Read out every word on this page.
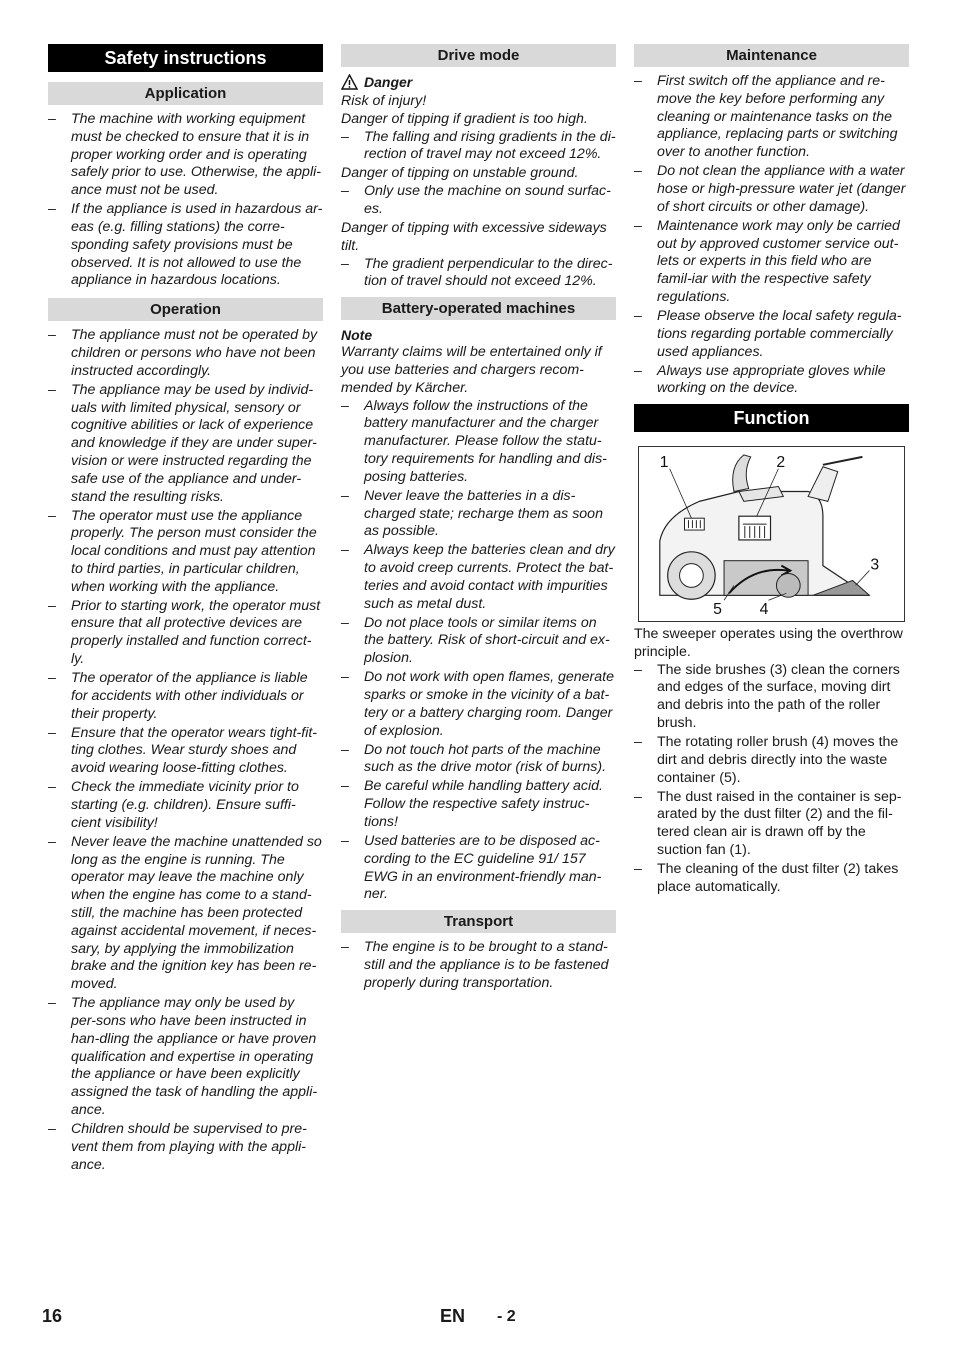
Safety instructions
Application
– The machine with working equipment must be checked to ensure that it is in proper working order and is operating safely prior to use. Otherwise, the appli-ance must not be used.
– If the appliance is used in hazardous ar-eas (e.g. filling stations) the corre-sponding safety provisions must be observed. It is not allowed to use the appliance in hazardous locations.
Operation
– The appliance must not be operated by children or persons who have not been instructed accordingly.
– The appliance may be used by individ-uals with limited physical, sensory or cognitive abilities or lack of experience and knowledge if they are under super-vision or were instructed regarding the safe use of the appliance and under-stand the resulting risks.
– The operator must use the appliance properly. The person must consider the local conditions and must pay attention to third parties, in particular children, when working with the appliance.
– Prior to starting work, the operator must ensure that all protective devices are properly installed and function correct-ly.
– The operator of the appliance is liable for accidents with other individuals or their property.
– Ensure that the operator wears tight-fit-ting clothes. Wear sturdy shoes and avoid wearing loose-fitting clothes.
– Check the immediate vicinity prior to starting (e.g. children). Ensure suffi-cient visibility!
– Never leave the machine unattended so long as the engine is running. The operator may leave the machine only when the engine has come to a stand-still, the machine has been protected against accidental movement, if neces-sary, by applying the immobilization brake and the ignition key has been re-moved.
– The appliance may only be used by per-sons who have been instructed in han-dling the appliance or have proven qualification and expertise in operating the appliance or have been explicitly assigned the task of handling the appli-ance.
– Children should be supervised to pre-vent them from playing with the appli-ance.
Drive mode
Danger

Risk of injury!

Danger of tipping if gradient is too high.

– The falling and rising gradients in the di-rection of travel may not exceed 12%.

Danger of tipping on unstable ground.

– Only use the machine on sound surfac-es.

Danger of tipping with excessive sideways tilt.

– The gradient perpendicular to the direc-tion of travel should not exceed 12%.
Battery-operated machines

Note

Warranty claims will be entertained only if you use batteries and chargers recom-mended by Kärcher.

– Always follow the instructions of the battery manufacturer and the charger manufacturer. Please follow the statu-tory requirements for handling and dis-posing batteries.
– Never leave the batteries in a dis-charged state; recharge them as soon as possible.
– Always keep the batteries clean and dry to avoid creep currents. Protect the bat-teries and avoid contact with impurities such as metal dust.
– Do not place tools or similar items on the battery. Risk of short-circuit and ex-plosion.
– Do not work with open flames, generate sparks or smoke in the vicinity of a bat-tery or a battery charging room. Danger of explosion.
– Do not touch hot parts of the machine such as the drive motor (risk of burns).
– Be careful while handling battery acid. Follow the respective safety instruc-tions!
– Used batteries are to be disposed ac-cording to the EC guideline 91/ 157 EWG in an environment-friendly man-ner.
Transport
– The engine is to be brought to a stand-still and the appliance is to be fastened properly during transportation.
Maintenance
– First switch off the appliance and re-move the key before performing any cleaning or maintenance tasks on the appliance, replacing parts or switching over to another function.
– Do not clean the appliance with a water hose or high-pressure water jet (danger of short circuits or other damage).
– Maintenance work may only be carried out by approved customer service out-lets or experts in this field who are famil-iar with the respective safety regulations.
– Please observe the local safety regula-tions regarding portable commercially used appliances.
– Always use appropriate gloves while working on the device.
Function
1	2
3
4
5

The sweeper operates using the overthrow principle.

– The side brushes (3) clean the corners and edges of the surface, moving dirt and debris into the path of the roller brush.
– The rotating roller brush (4) moves the dirt and debris directly into the waste container (5).
– The dust raised in the container is sep-arated by the dust filter (2) and the fil-tered clean air is drawn off by the suction fan (1).
– The cleaning of the dust filter (2) takes place automatically.
16	EN - 2
